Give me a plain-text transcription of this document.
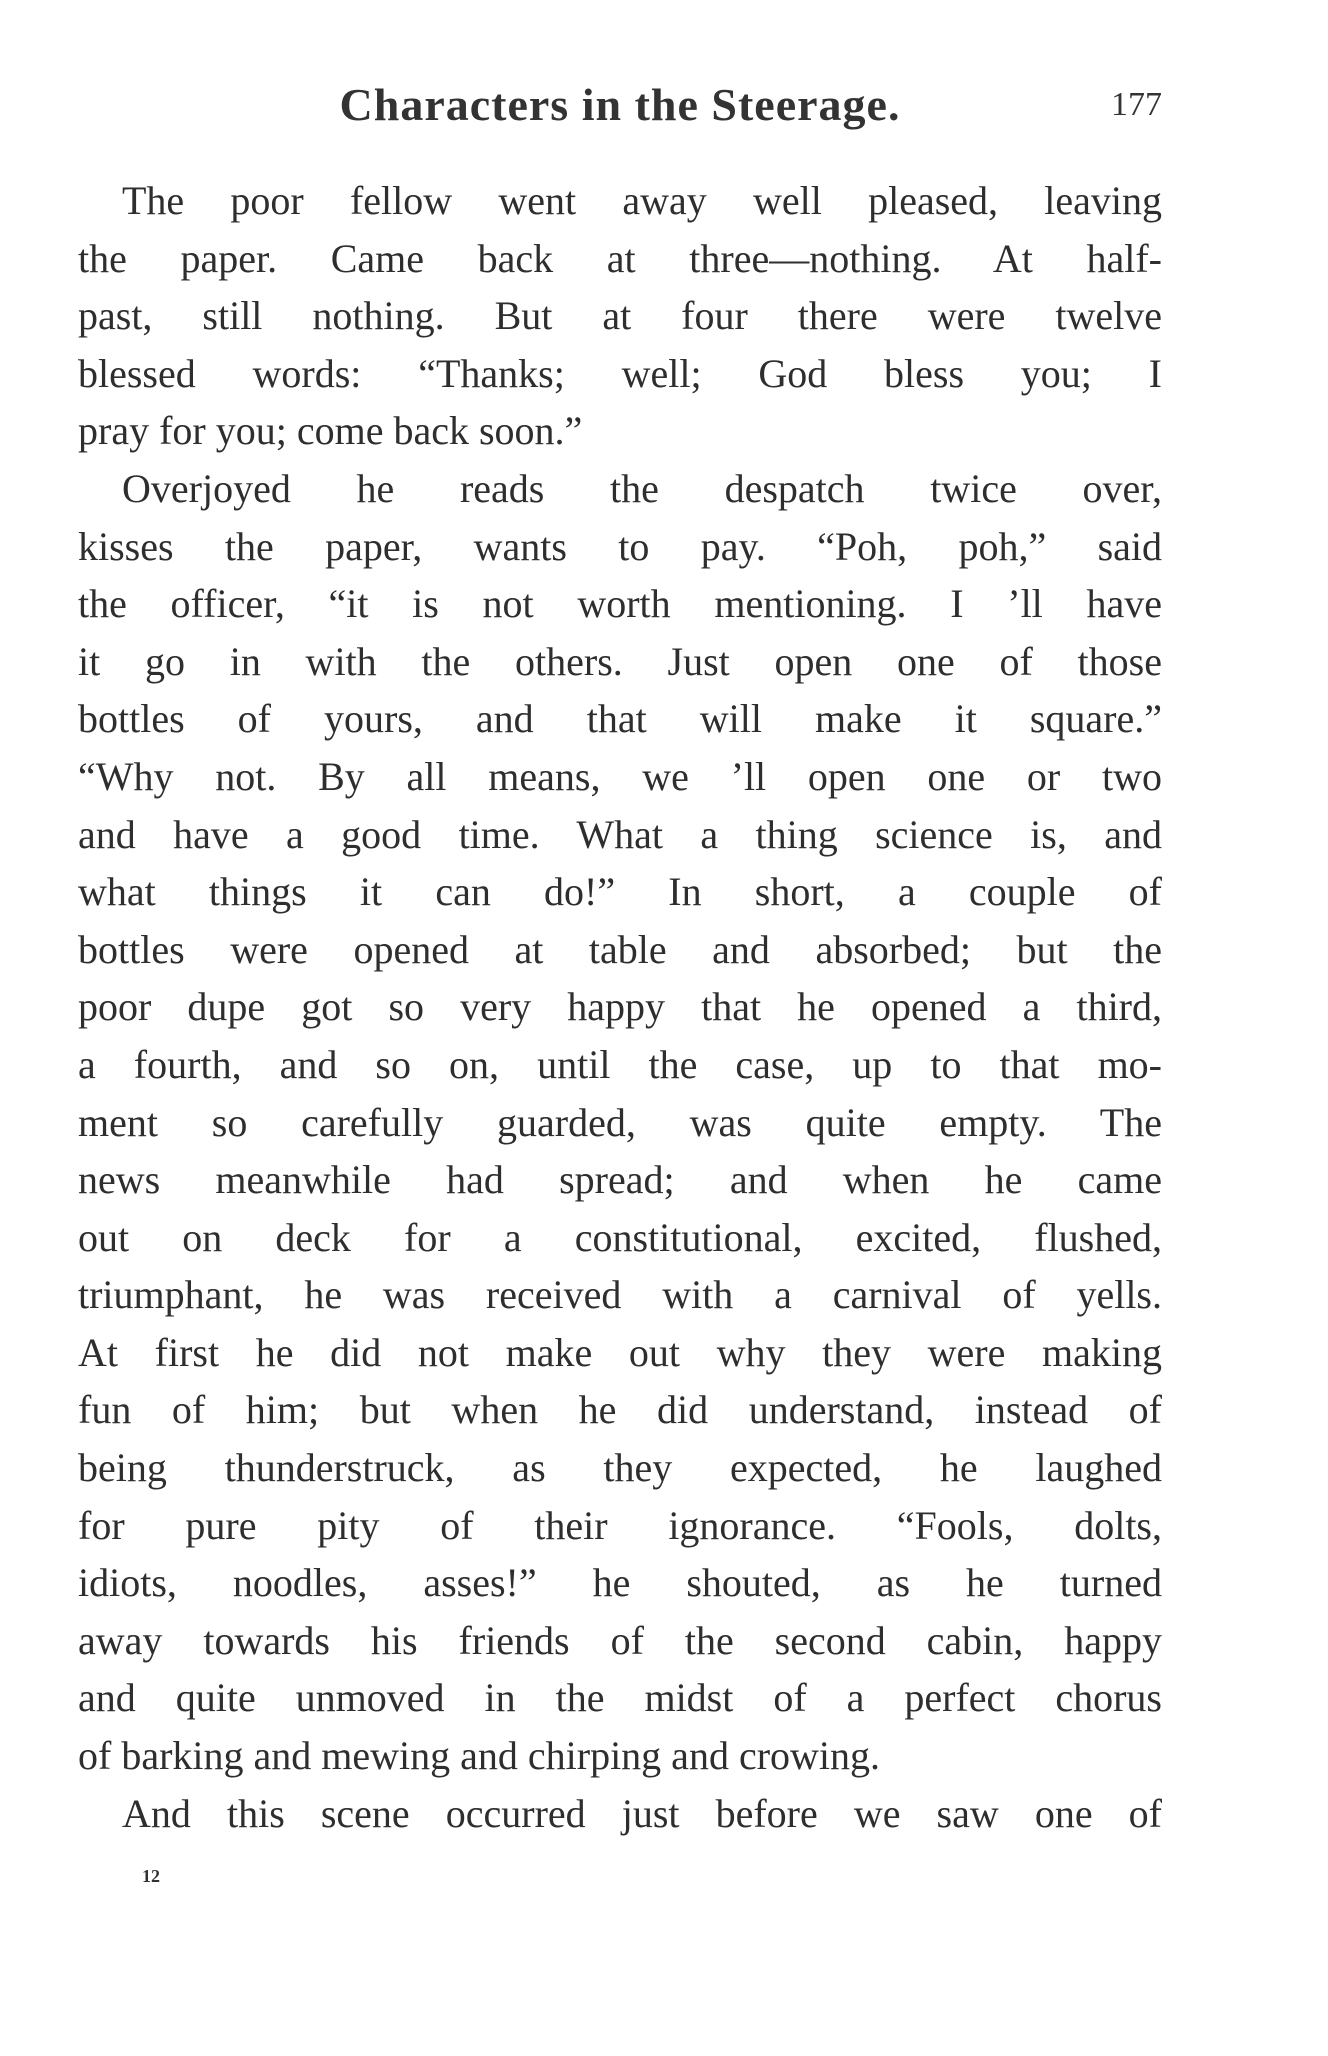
Characters in the Steerage.	177
The poor fellow went away well pleased, leaving
the paper. Came back at three—nothing. At half-
past, still nothing. But at four there were twelve
blessed words: “Thanks; well; God bless you; I
pray for you; come back soon.”
Overjoyed he reads the despatch twice over,
kisses the paper, wants to pay. “Poh, poh,” said
the officer, “it is not worth mentioning. I ’ll have
it go in with the others. Just open one of those
bottles of yours, and that will make it square.”
“Why not. By all means, we ’ll open one or two
and have a good time. What a thing science is, and
what things it can do!” In short, a couple of
bottles were opened at table and absorbed; but the
poor dupe got so very happy that he opened a third,
a fourth, and so on, until the case, up to that mo-
ment so carefully guarded, was quite empty. The
news meanwhile had spread; and when he came
out on deck for a constitutional, excited, flushed,
triumphant, he was received with a carnival of yells.
At first he did not make out why they were making
fun of him; but when he did understand, instead of
being thunderstruck, as they expected, he laughed
for pure pity of their ignorance. “Fools, dolts,
idiots, noodles, asses!” he shouted, as he turned
away towards his friends of the second cabin, happy
and quite unmoved in the midst of a perfect chorus
of barking and mewing and chirping and crowing.
And this scene occurred just before we saw one of
12
